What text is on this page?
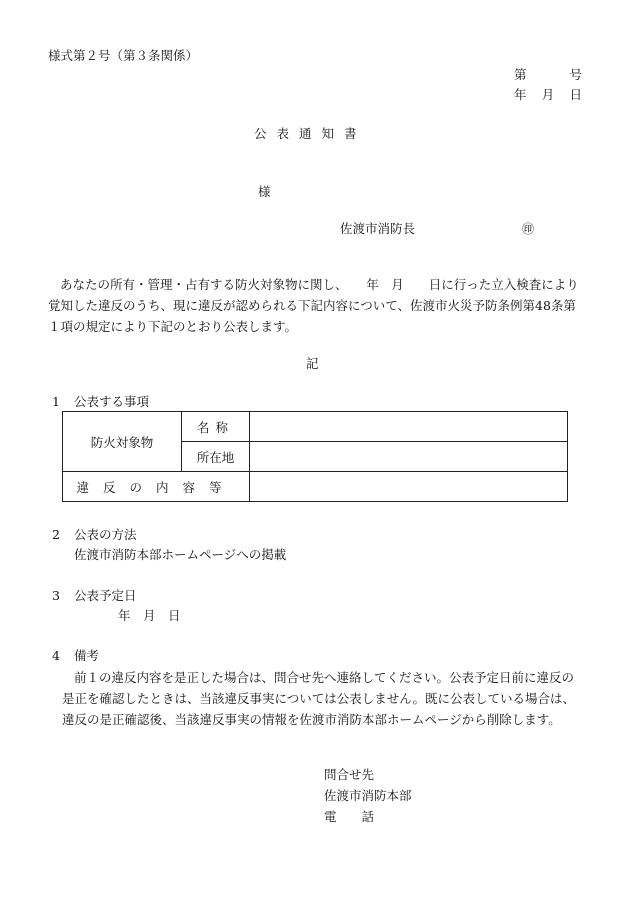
様式第２号（第３条関係）
第　　号
年　月　日
公表通知書
様
佐渡市消防長	㊞
あなたの所有・管理・占有する防火対象物に関し、　　年　月　　日に行った立入検査により覚知した違反のうち、現に違反が認められる下記内容について、佐渡市火災予防条例第48条第１項の規定により下記のとおり公表します。
記
1 公表する事項
防火対象物	名称	
	所在地	
違反の内容等		
2 公表の方法
佐渡市消防本部ホームページへの掲載
3 公表予定日
年　月　日
4 備考
前１の違反内容を是正した場合は、問合せ先へ連絡してください。公表予定日前に違反の是正を確認したときは、当該違反事実については公表しません。既に公表している場合は、違反の是正確認後、当該違反事実の情報を佐渡市消防本部ホームページから削除します。
問合せ先
佐渡市消防本部
電　　話
